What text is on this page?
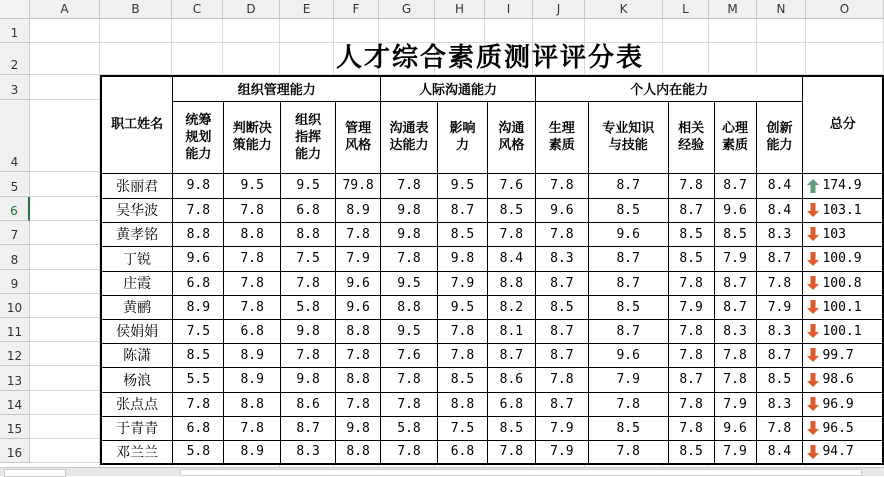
A	B	C	D	E	F	G	H	I	J	K	L	M	N	O
1
2
3
4
5
6
7
8
9
10
11
12
13
14
15
16
人才综合素质测评评分表
职工姓名	组织管理能力				人际沟通能力			个人内在能力					总分
	统筹
规划
能力	判断决
策能力	组织
指挥
能力	管理
风格	沟通表
达能力	影响
力	沟通
风格	生理
素质	专业知识
与技能	相关
经验	心理
素质	创新
能力	
张丽君	9.8	9.5	9.5	79.8	7.8	9.5	7.6	7.8	8.7	7.8	8.7	8.4	174.9

吴华波	7.8	7.8	6.8	8.9	9.8	8.7	8.5	9.6	8.5	8.7	9.6	8.4	103.1

黄孝铭	8.8	8.8	8.8	7.8	9.8	8.5	7.8	7.8	9.6	8.5	8.5	8.3	103

丁锐	9.6	7.8	7.5	7.9	7.8	9.8	8.4	8.3	8.7	8.5	7.9	8.7	100.9

庄霞	6.8	7.8	7.8	9.6	9.5	7.9	8.8	8.7	8.7	7.8	8.7	7.8	100.8

黄鹂	8.9	7.8	5.8	9.6	8.8	9.5	8.2	8.5	8.5	7.9	8.7	7.9	100.1

侯娟娟	7.5	6.8	9.8	8.8	9.5	7.8	8.1	8.7	8.7	7.8	8.3	8.3	100.1

陈潇	8.5	8.9	7.8	7.8	7.6	7.8	8.7	8.7	9.6	7.8	7.8	8.7	99.7

杨浪	5.5	8.9	9.8	8.8	7.8	8.5	8.6	7.8	7.9	8.7	7.8	8.5	98.6

张点点	7.8	8.8	8.6	7.8	7.8	8.8	6.8	8.7	7.8	7.8	7.9	8.3	96.9

于青青	6.8	7.8	8.7	9.8	5.8	7.5	8.5	7.9	8.5	7.8	9.6	7.8	96.5

邓兰兰	5.8	8.9	8.3	8.8	7.8	6.8	7.8	7.9	7.8	8.5	7.9	8.4	94.7
